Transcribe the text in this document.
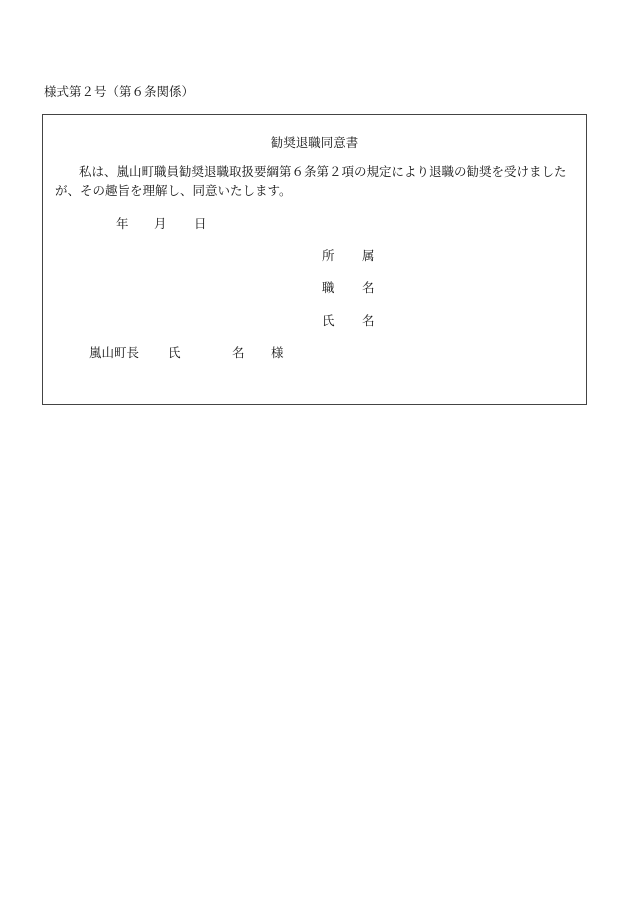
様式第２号（第６条関係）
勧奨退職同意書

私は、嵐山町職員勧奨退職取扱要綱第６条第２項の規定により退職の勧奨を受けましたが、その趣旨を理解し、同意いたします。

年 月 日
所 属
職 名
氏 名
嵐山町長 氏	名 様
